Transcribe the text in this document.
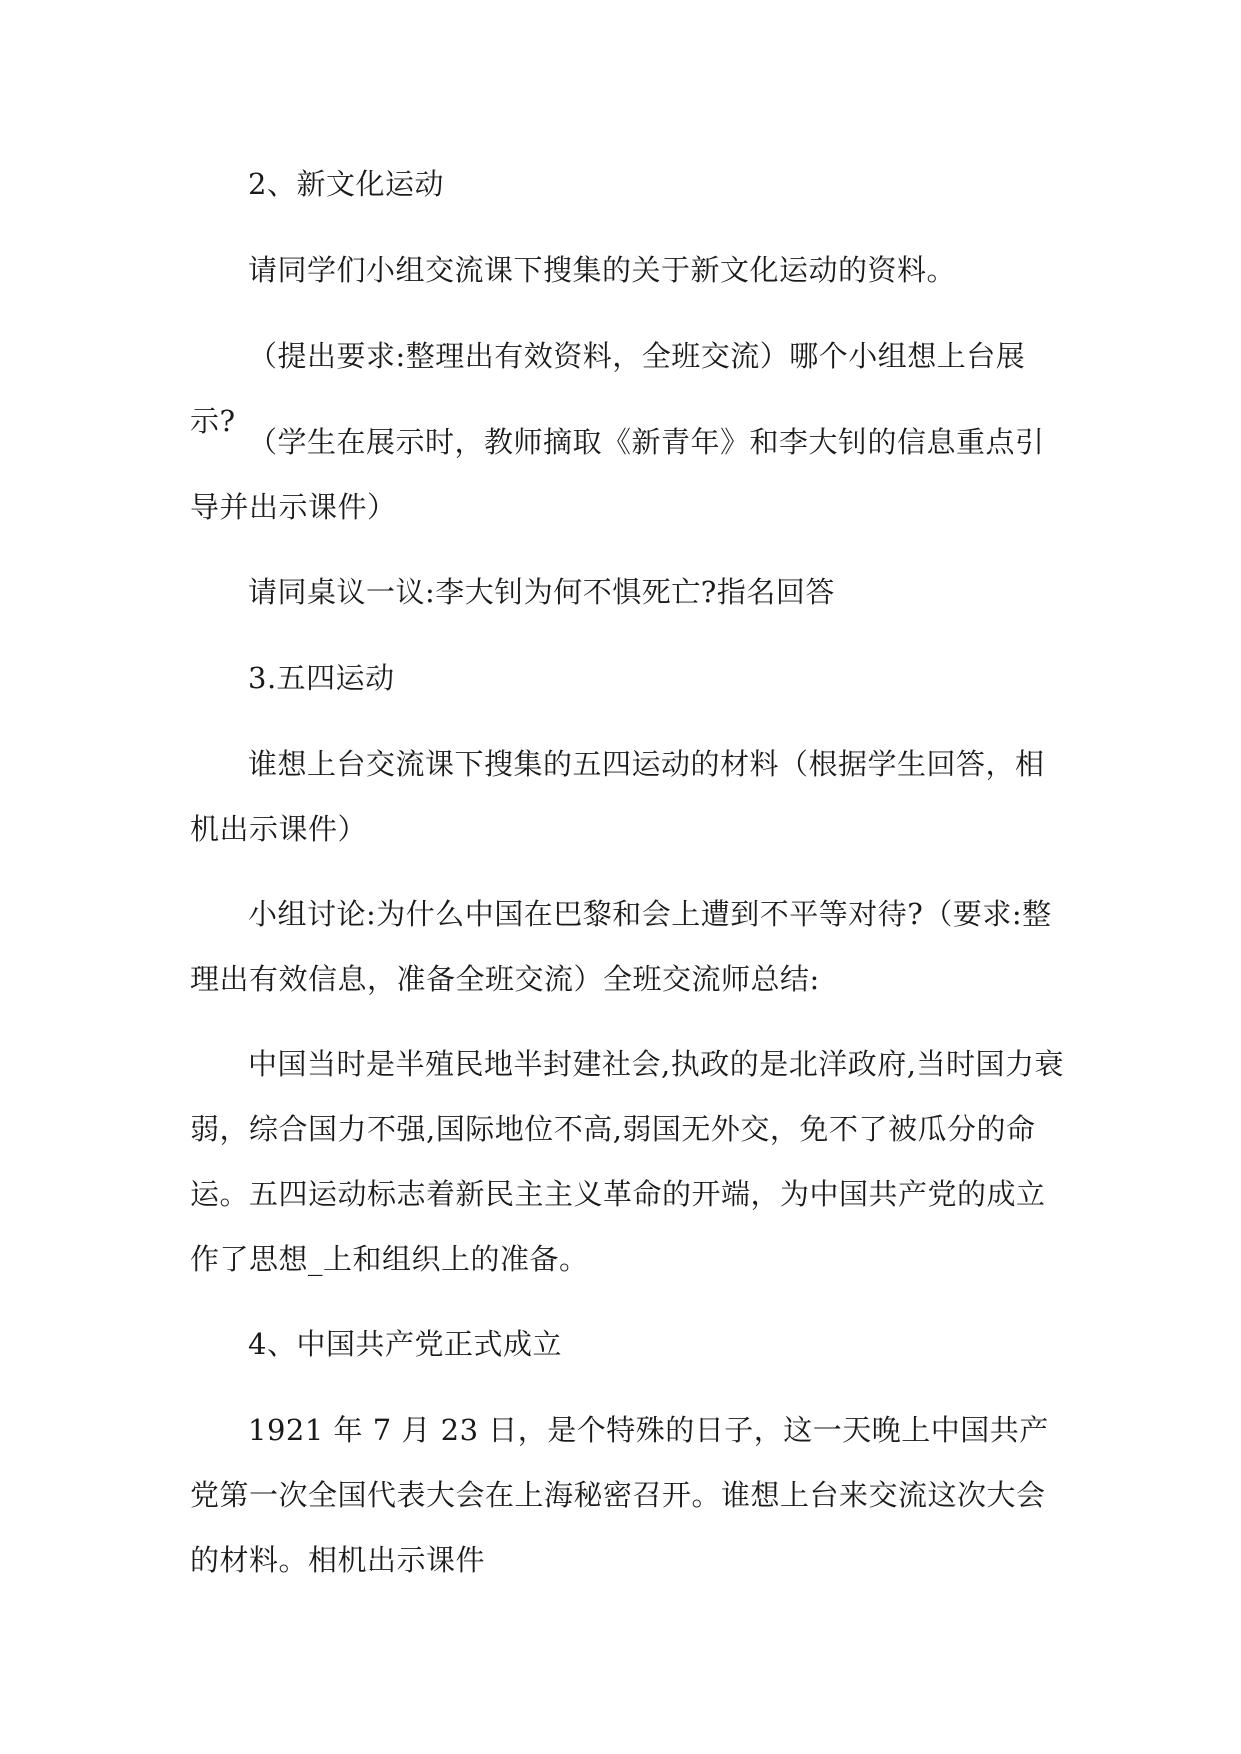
2、新文化运动

请同学们小组交流课下搜集的关于新文化运动的资料。

（提出要求:整理出有效资料，全班交流）哪个小组想上台展示?

（学生在展示时，教师摘取《新青年》和李大钊的信息重点引导并出示课件）

请同桌议一议:李大钊为何不惧死亡?指名回答

3.五四运动

谁想上台交流课下搜集的五四运动的材料（根据学生回答，相机出示课件）

小组讨论:为什么中国在巴黎和会上遭到不平等对待?（要求:整理出有效信息，准备全班交流）全班交流师总结:

中国当时是半殖民地半封建社会,执政的是北洋政府,当时国力衰弱，综合国力不强,国际地位不高,弱国无外交，免不了被瓜分的命运。五四运动标志着新民主主义革命的开端，为中国共产党的成立作了思想_上和组织上的准备。

4、中国共产党正式成立

1921 年 7 月 23 日，是个特殊的日子，这一天晚上中国共产党第一次全国代表大会在上海秘密召开。谁想上台来交流这次大会的材料。相机出示课件
